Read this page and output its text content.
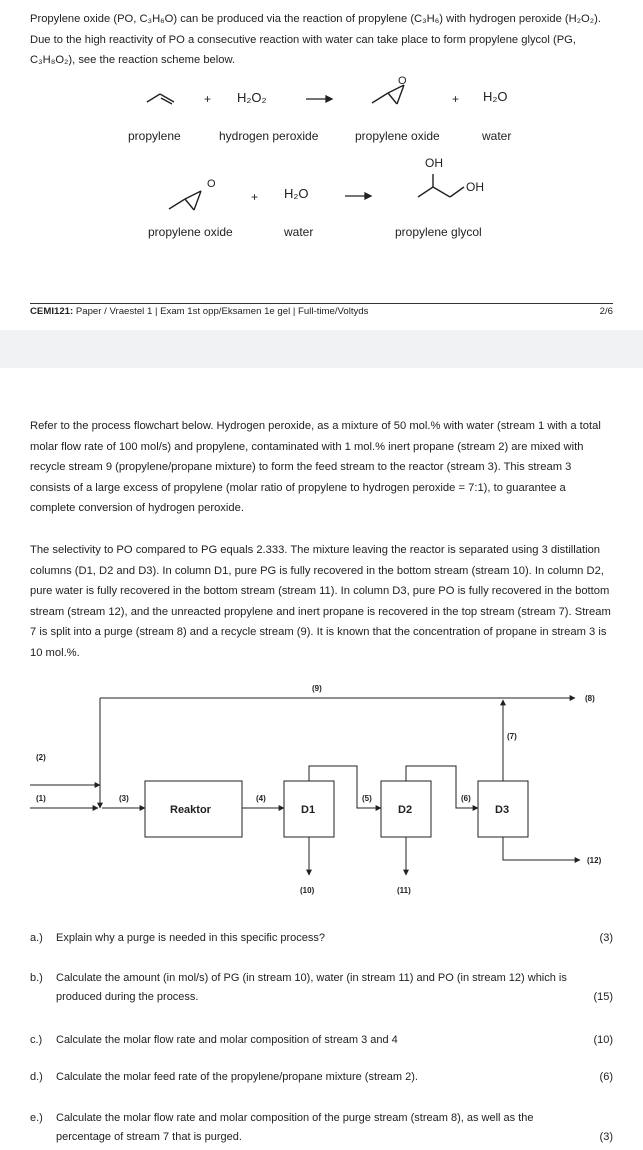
Propylene oxide (PO, C₃H₆O) can be produced via the reaction of propylene (C₃H₆) with hydrogen peroxide (H₂O₂). Due to the high reactivity of PO a consecutive reaction with water can take place to form propylene glycol (PG, C₃H₈O₂), see the reaction scheme below.

+ H₂O₂
O
+ H₂O
propylene	hydrogen peroxide	propylene oxide	water
O
+ H₂O
OH
OH
propylene oxide	water	propylene glycol
CEMI121: Paper / Vraestel 1 | Exam 1st opp/Eksamen 1e gel | Full-time/Voltyds	2/6

Refer to the process flowchart below. Hydrogen peroxide, as a mixture of 50 mol.% with water (stream 1 with a total molar flow rate of 100 mol/s) and propylene, contaminated with 1 mol.% inert propane (stream 2) are mixed with recycle stream 9 (propylene/propane mixture) to form the feed stream to the reactor (stream 3). This stream 3 consists of a large excess of propylene (molar ratio of propylene to hydrogen peroxide = 7:1), to guarantee a complete conversion of hydrogen peroxide.

The selectivity to PO compared to PG equals 2.333. The mixture leaving the reactor is separated using 3 distillation columns (D1, D2 and D3). In column D1, pure PG is fully recovered in the bottom stream (stream 10). In column D2, pure water is fully recovered in the bottom stream (stream 11). In column D3, pure PO is fully recovered in the bottom stream (stream 12), and the unreacted propylene and inert propane is recovered in the top stream (stream 7). Stream 7 is split into a purge (stream 8) and a recycle stream (9). It is known that the concentration of propane in stream 3 is 10 mol.%.

(9)
(8)
(7)
(2)
(1)	(3)	(4)	(5)	(6)
(10)	(11)
(12)
Reaktor	D1	D2	D3
a.) Explain why a purge is needed in this specific process?	(3)
b.) Calculate the amount (in mol/s) of PG (in stream 10), water (in stream 11) and PO (in stream 12) which is produced during the process.	(15)
c.) Calculate the molar flow rate and molar composition of stream 3 and 4	(10)
d.) Calculate the molar feed rate of the propylene/propane mixture (stream 2).	(6)
e.) Calculate the molar flow rate and molar composition of the purge stream (stream 8), as well as the percentage of stream 7 that is purged.	(3)
